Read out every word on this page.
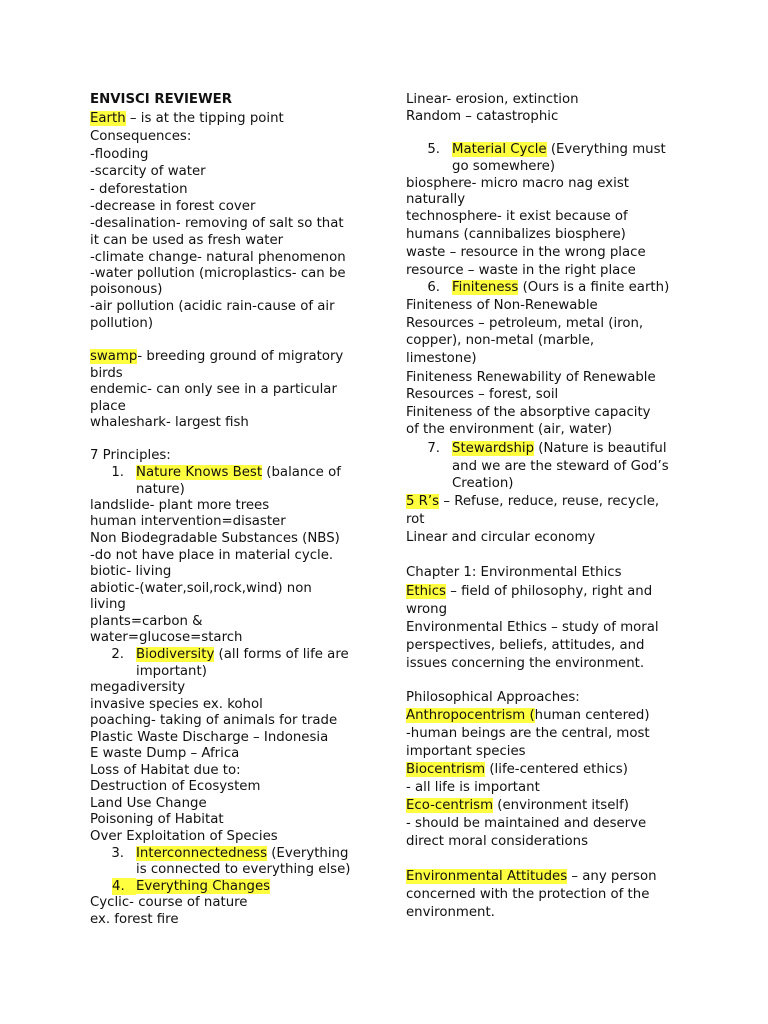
ENVISCI REVIEWER
Earth – is at the tipping point
Consequences:
-flooding
-scarcity of water
- deforestation
-decrease in forest cover
-desalination- removing of salt so that
it can be used as fresh water
-climate change- natural phenomenon
-water pollution (microplastics- can be
poisonous)
-air pollution (acidic rain-cause of air
pollution)
swamp- breeding ground of migratory
birds
endemic- can only see in a particular
place
whaleshark- largest fish
7 Principles:
1. Nature Knows Best (balance of
nature)
landslide- plant more trees
human intervention=disaster
Non Biodegradable Substances (NBS)
-do not have place in material cycle.
biotic- living
abiotic-(water,soil,rock,wind) non
living
plants=carbon &
water=glucose=starch
2. Biodiversity (all forms of life are
important)
megadiversity
invasive species ex. kohol
poaching- taking of animals for trade
Plastic Waste Discharge – Indonesia
E waste Dump – Africa
Loss of Habitat due to:
Destruction of Ecosystem
Land Use Change
Poisoning of Habitat
Over Exploitation of Species
3. Interconnectedness (Everything
is connected to everything else)
4. Everything Changes
Cyclic- course of nature
ex. forest fire
Linear- erosion, extinction
Random – catastrophic
5. Material Cycle (Everything must
go somewhere)
biosphere- micro macro nag exist
naturally
technosphere- it exist because of
humans (cannibalizes biosphere)
waste – resource in the wrong place
resource – waste in the right place
6. Finiteness (Ours is a finite earth)
Finiteness of Non-Renewable
Resources – petroleum, metal (iron,
copper), non-metal (marble,
limestone)
Finiteness Renewability of Renewable
Resources – forest, soil
Finiteness of the absorptive capacity
of the environment (air, water)
7. Stewardship (Nature is beautiful
and we are the steward of God’s
Creation)
5 R’s – Refuse, reduce, reuse, recycle,
rot
Linear and circular economy
Chapter 1: Environmental Ethics
Ethics – field of philosophy, right and
wrong
Environmental Ethics – study of moral
perspectives, beliefs, attitudes, and
issues concerning the environment.
Philosophical Approaches:
Anthropocentrism (human centered)
-human beings are the central, most
important species
Biocentrism (life-centered ethics)
- all life is important
Eco-centrism (environment itself)
- should be maintained and deserve
direct moral considerations
Environmental Attitudes – any person
concerned with the protection of the
environment.
